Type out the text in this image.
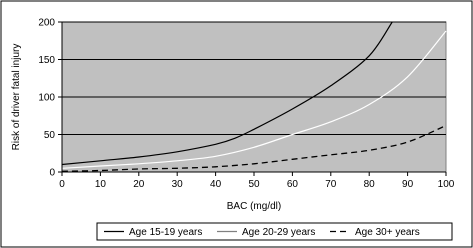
0	10	20	30	40	50	60	70	80	90 100
0
50
100
150
200
BAC (mg/dl)
Risk of driver fatal injury
Age 15-19 years	Age 20-29 years	Age 30+ years
